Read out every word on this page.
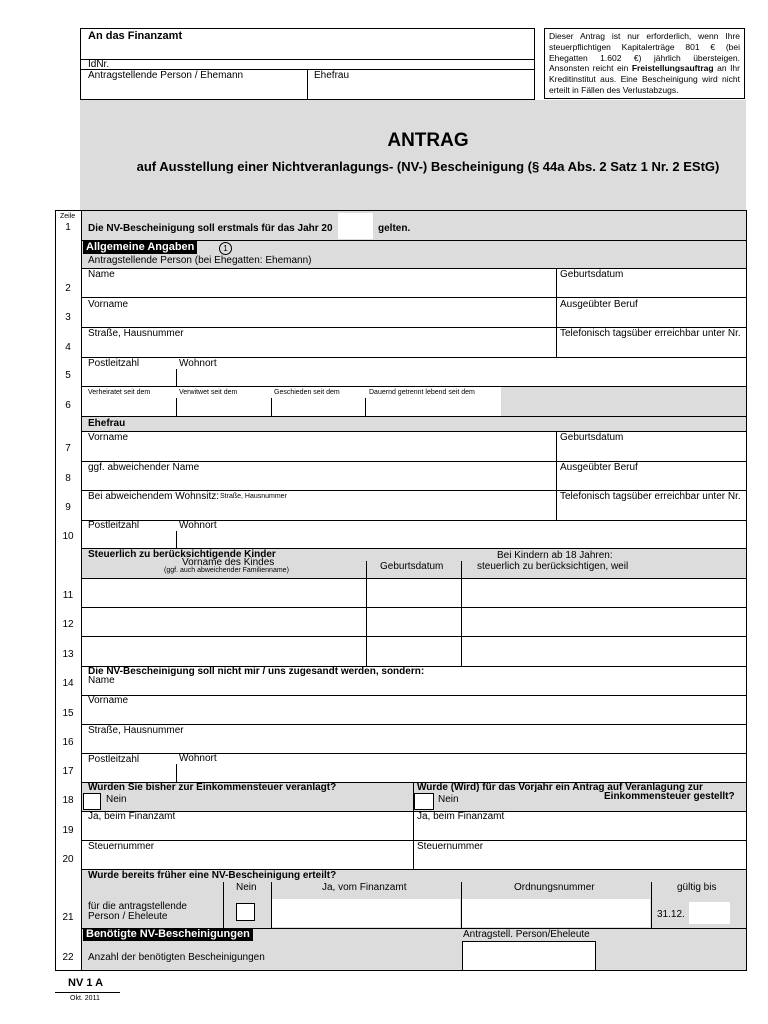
An das Finanzamt
IdNr.
Antragstellende Person / Ehemann	Ehefrau
Dieser Antrag ist nur erforderlich, wenn Ihre steuerpflichtigen Kapitalerträge 801 € (bei Ehegatten 1.602 €) jährlich übersteigen. Ansonsten reicht ein Freistellungsauftrag an Ihr Kreditinstitut aus. Eine Bescheinigung wird nicht erteilt in Fällen des Verlustabzugs.
ANTRAG
auf Ausstellung einer Nichtveranlagungs- (NV-) Bescheinigung (§ 44a Abs. 2 Satz 1 Nr. 2 EStG)
Zeile
1
2
3
4
5
6
7
8
9
10
11
12
13
14
15
16
17
18
19
20
21
22
Die NV-Bescheinigung soll erstmals für das Jahr 20	gelten.
Allgemeine Angaben	1
Antragstellende Person (bei Ehegatten: Ehemann)
Name	Geburtsdatum
Vorname	Ausgeübter Beruf
Straße, Hausnummer	Telefonisch tagsüber erreichbar unter Nr.
Postleitzahl	Wohnort
Verheiratet seit dem	Verwitwet seit dem	Geschieden seit dem	Dauernd getrennt lebend seit dem
Ehefrau
Vorname	Geburtsdatum
ggf. abweichender Name	Ausgeübter Beruf
Bei abweichendem Wohnsitz: Straße, Hausnummer	Telefonisch tagsüber erreichbar unter Nr.
Postleitzahl	Wohnort
Steuerlich zu berücksichtigende Kinder
Vorname des Kindes
(ggf. auch abweichender Familienname)	Geburtsdatum
Bei Kindern ab 18 Jahren:
steuerlich zu berücksichtigen, weil
Die NV-Bescheinigung soll nicht mir / uns zugesandt werden, sondern:
Name
Vorname
Straße, Hausnummer
Postleitzahl	Wohnort
Wurden Sie bisher zur Einkommensteuer veranlagt?	Wurde (Wird) für das Vorjahr ein Antrag auf Veranlagung zur
Einkommensteuer gestellt?
Nein	Nein
Ja, beim Finanzamt	Ja, beim Finanzamt
Steuernummer	Steuernummer
Wurde bereits früher eine NV-Bescheinigung erteilt?
Nein	Ja, vom Finanzamt	Ordnungsnummer	gültig bis
für die antragstellende
Person / Eheleute	31.12.
Benötigte NV-Bescheinigungen	Antragstell. Person/Eheleute
Anzahl der benötigten Bescheinigungen
NV 1 A
Okt. 2011
